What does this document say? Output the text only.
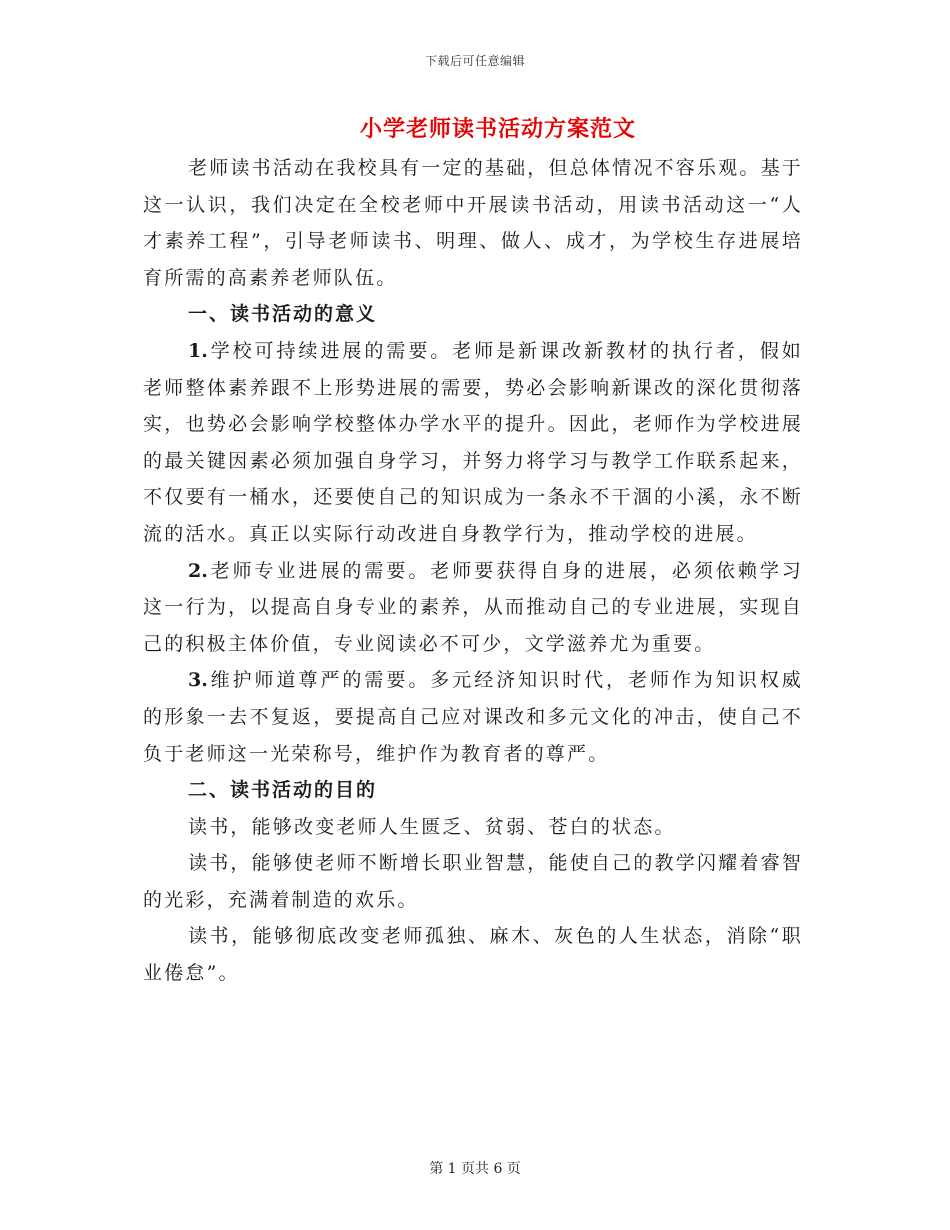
下载后可任意编辑
小学老师读书活动方案范文

老师读书活动在我校具有一定的基础，但总体情况不容乐观。基于这一认识，我们决定在全校老师中开展读书活动，用读书活动这一“人才素养工程”，引导老师读书、明理、做人、成才，为学校生存进展培育所需的高素养老师队伍。

一、读书活动的意义

1. 学校可持续进展的需要。老师是新课改新教材的执行者，假如老师整体素养跟不上形势进展的需要，势必会影响新课改的深化贯彻落实，也势必会影响学校整体办学水平的提升。因此，老师作为学校进展的最关键因素必须加强自身学习，并努力将学习与教学工作联系起来，不仅要有一桶水，还要使自己的知识成为一条永不干涸的小溪，永不断流的活水。真正以实际行动改进自身教学行为，推动学校的进展。

2. 老师专业进展的需要。老师要获得自身的进展，必须依赖学习这一行为，以提高自身专业的素养，从而推动自己的专业进展，实现自己的积极主体价值，专业阅读必不可少，文学滋养尤为重要。

3. 维护师道尊严的需要。多元经济知识时代，老师作为知识权威的形象一去不复返，要提高自己应对课改和多元文化的冲击，使自己不负于老师这一光荣称号，维护作为教育者的尊严。

二、读书活动的目的

读书，能够改变老师人生匮乏、贫弱、苍白的状态。

读书，能够使老师不断增长职业智慧，能使自己的教学闪耀着睿智的光彩，充满着制造的欢乐。

读书，能够彻底改变老师孤独、麻木、灰色的人生状态，消除“职业倦怠”。

第 1 页共 6 页
